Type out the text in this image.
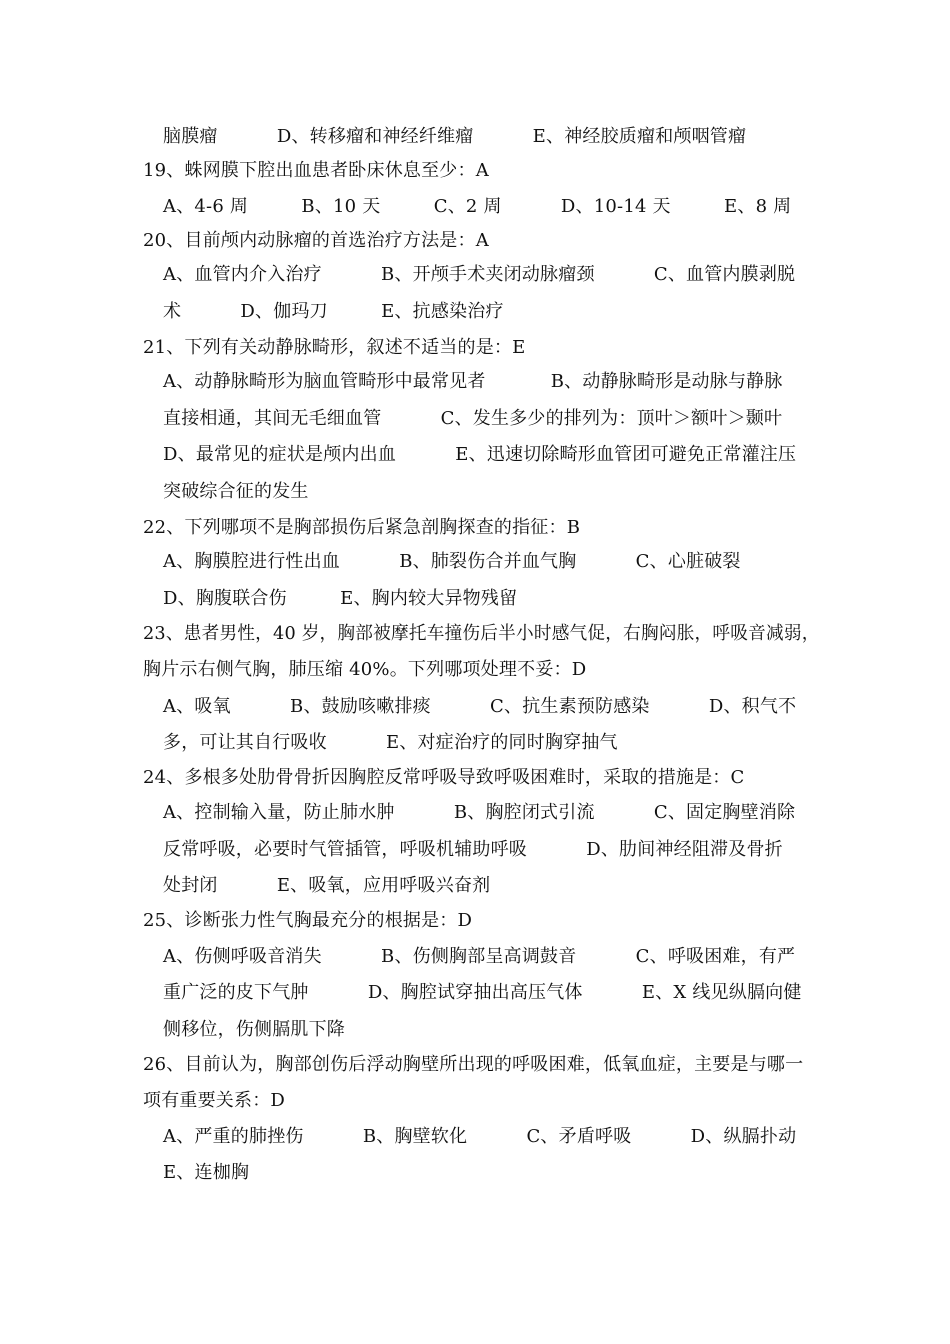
脑膜瘤          D、转移瘤和神经纤维瘤          E、神经胶质瘤和颅咽管瘤
19、蛛网膜下腔出血患者卧床休息至少：A
A、4-6 周         B、10 天         C、2 周          D、10-14 天         E、8 周
20、目前颅内动脉瘤的首选治疗方法是：A
A、血管内介入治疗          B、开颅手术夹闭动脉瘤颈          C、血管内膜剥脱
术          D、伽玛刀         E、抗感染治疗
21、下列有关动静脉畸形，叙述不适当的是：E
A、动静脉畸形为脑血管畸形中最常见者           B、动静脉畸形是动脉与静脉
直接相通，其间无毛细血管          C、发生多少的排列为：顶叶＞额叶＞颞叶
D、最常见的症状是颅内出血          E、迅速切除畸形血管团可避免正常灌注压
突破综合征的发生
22、下列哪项不是胸部损伤后紧急剖胸探查的指征：B
A、胸膜腔进行性出血          B、肺裂伤合并血气胸          C、心脏破裂
D、胸腹联合伤         E、胸内较大异物残留
23、患者男性，40 岁，胸部被摩托车撞伤后半小时感气促，右胸闷胀，呼吸音减弱，
胸片示右侧气胸，肺压缩 40%。下列哪项处理不妥：D
A、吸氧          B、鼓励咳嗽排痰          C、抗生素预防感染          D、积气不
多，可让其自行吸收          E、对症治疗的同时胸穿抽气
24、多根多处肋骨骨折因胸腔反常呼吸导致呼吸困难时，采取的措施是：C
A、控制输入量，防止肺水肿          B、胸腔闭式引流          C、固定胸壁消除
反常呼吸，必要时气管插管，呼吸机辅助呼吸          D、肋间神经阻滞及骨折
处封闭          E、吸氧，应用呼吸兴奋剂
25、诊断张力性气胸最充分的根据是：D
A、伤侧呼吸音消失          B、伤侧胸部呈高调鼓音          C、呼吸困难，有严
重广泛的皮下气肿          D、胸腔试穿抽出高压气体          E、X 线见纵膈向健
侧移位，伤侧膈肌下降
26、目前认为，胸部创伤后浮动胸壁所出现的呼吸困难，低氧血症，主要是与哪一
项有重要关系：D
A、严重的肺挫伤          B、胸壁软化          C、矛盾呼吸          D、纵膈扑动
E、连枷胸
